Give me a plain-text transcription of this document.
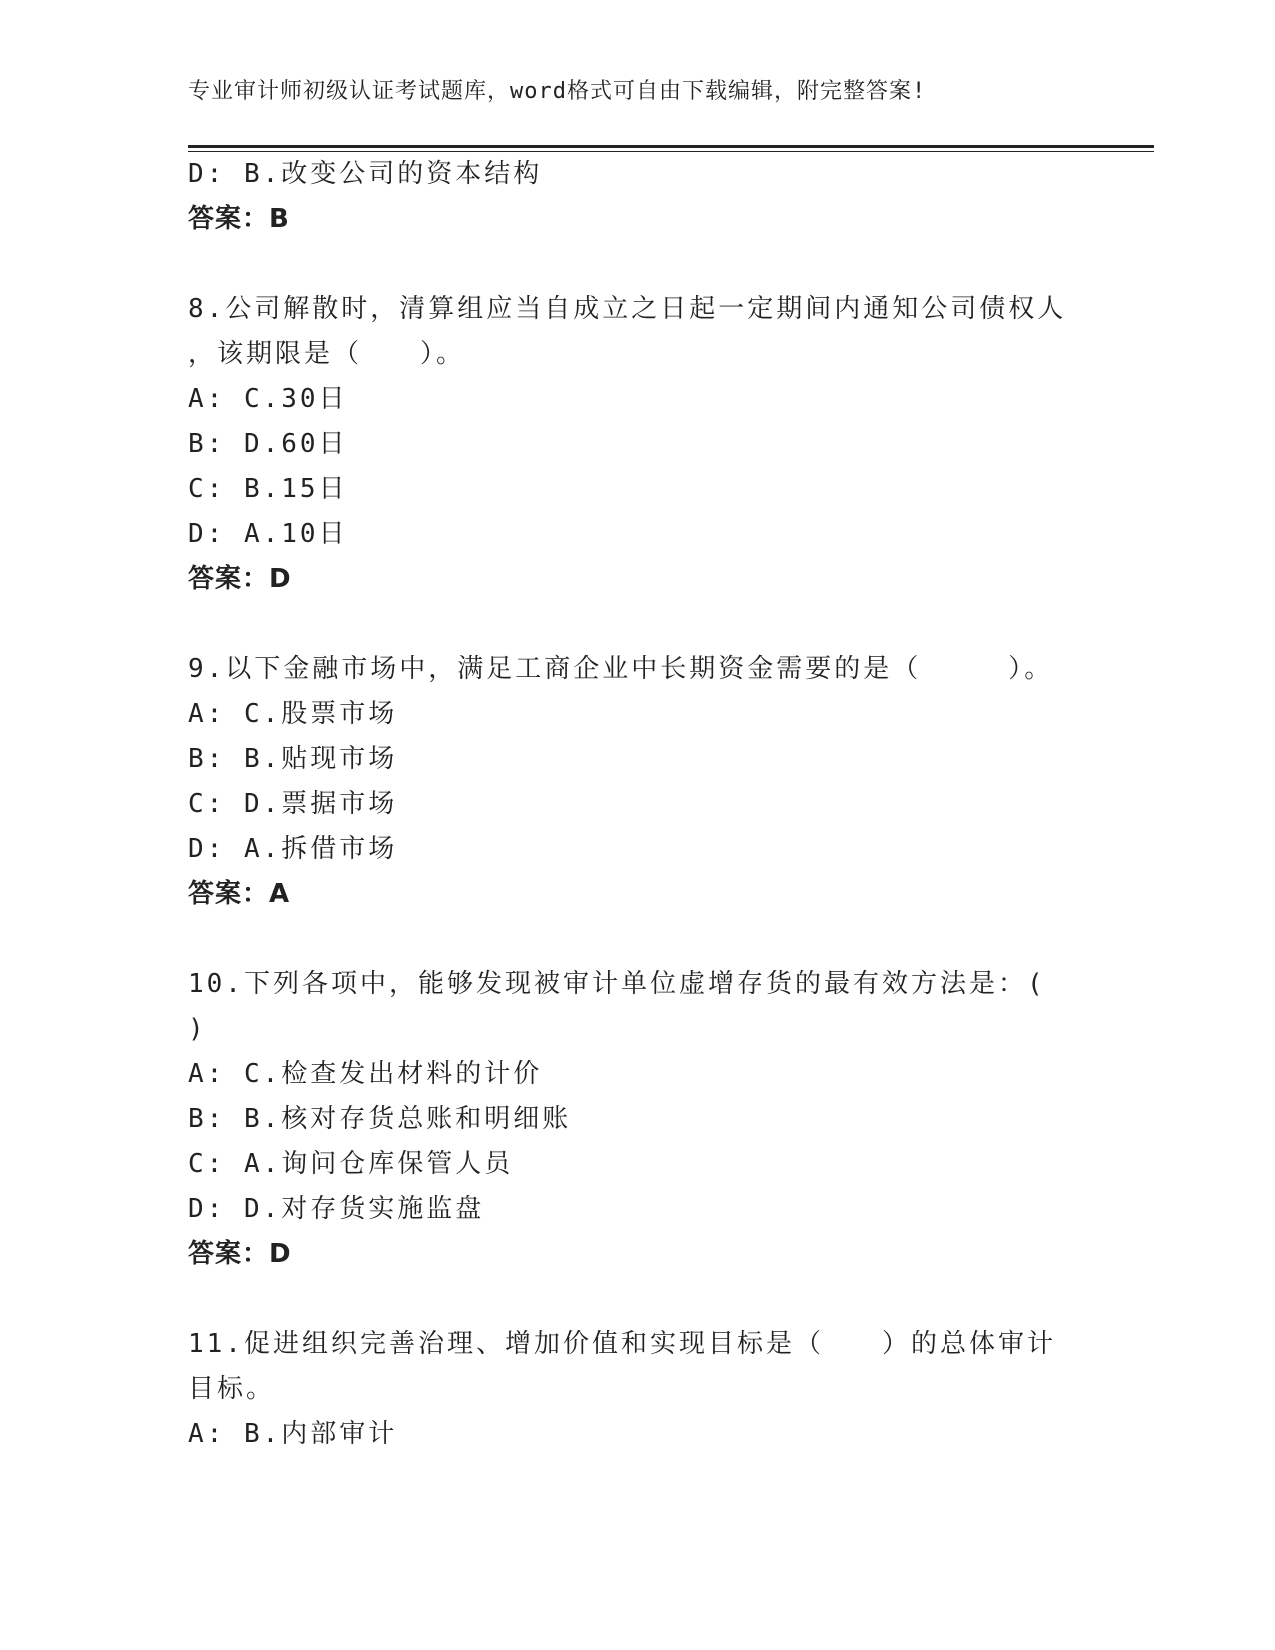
专业审计师初级认证考试题库，word格式可自由下载编辑，附完整答案!
D: B.改变公司的资本结构
答案：B
8.公司解散时，清算组应当自成立之日起一定期间内通知公司债权人
，该期限是（　　）。
A: C.30日
B: D.60日
C: B.15日
D: A.10日
答案：D
9.以下金融市场中，满足工商企业中长期资金需要的是（　　　）。
A: C.股票市场
B: B.贴现市场
C: D.票据市场
D: A.拆借市场
答案：A
10.下列各项中，能够发现被审计单位虚增存货的最有效方法是：(
)
A: C.检查发出材料的计价
B: B.核对存货总账和明细账
C: A.询问仓库保管人员
D: D.对存货实施监盘
答案：D
11.促进组织完善治理、增加价值和实现目标是（　　）的总体审计
目标。
A: B.内部审计
